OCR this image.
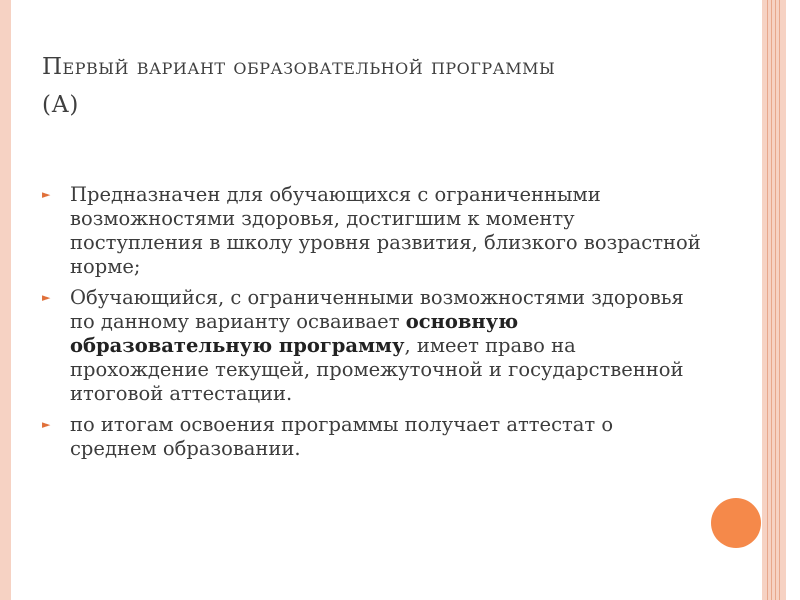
Первый вариант образовательной программы
(А)
► Предназначен для обучающихся с ограниченными возможностями здоровья, достигшим к моменту поступления в школу уровня развития, близкого возрастной норме;
► Обучающийся, с ограниченными возможностями здоровья по данному варианту осваивает основную образовательную программу, имеет право на прохождение текущей, промежуточной и государственной итоговой аттестации.
► по итогам освоения программы получает аттестат о среднем образовании.
